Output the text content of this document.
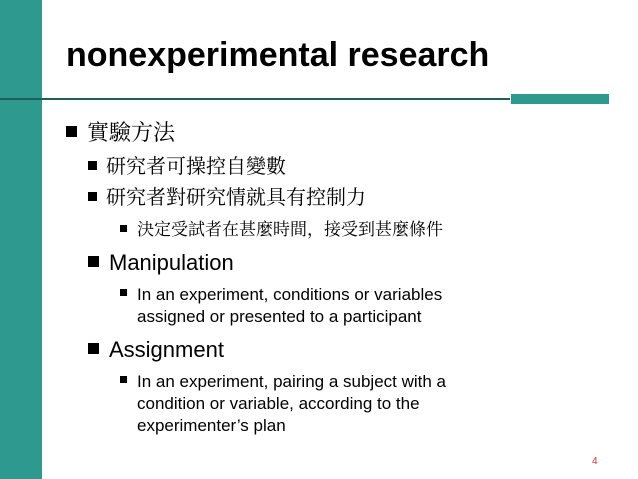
nonexperimental research
實驗方法
研究者可操控自變數
研究者對研究情就具有控制力
決定受試者在甚麼時間，接受到甚麼條件
Manipulation
In an experiment, conditions or variables
assigned or presented to a participant
Assignment
In an experiment, pairing a subject with a
condition or variable, according to the
experimenter’s plan
4
